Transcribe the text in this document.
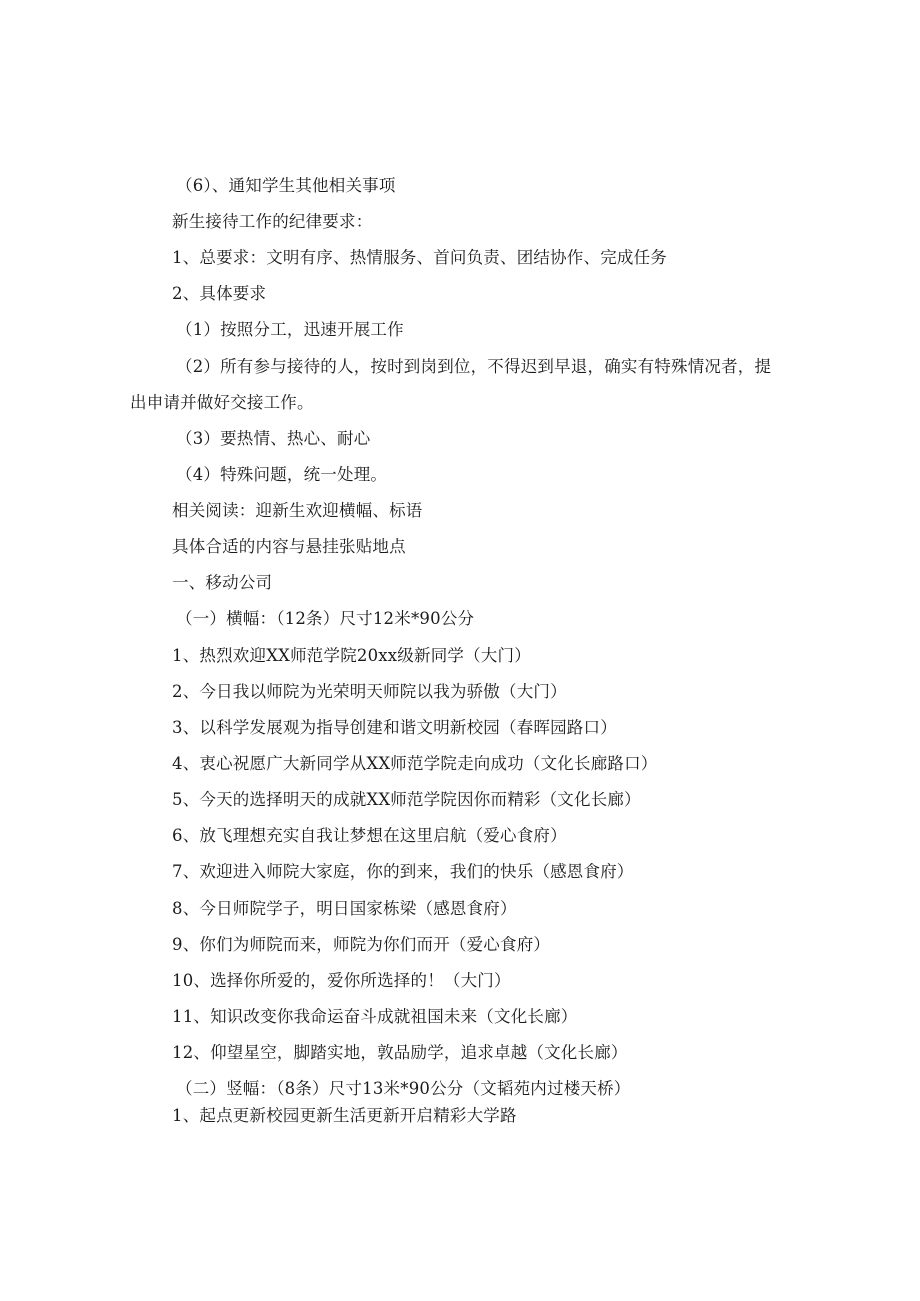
（6）、通知学生其他相关事项

新生接待工作的纪律要求：

1、总要求：文明有序、热情服务、首问负责、团结协作、完成任务

2、具体要求

（1）按照分工，迅速开展工作

（2）所有参与接待的人，按时到岗到位，不得迟到早退，确实有特殊情况者，提

出申请并做好交接工作。

（3）要热情、热心、耐心

（4）特殊问题，统一处理。

相关阅读：迎新生欢迎横幅、标语

具体合适的内容与悬挂张贴地点

一、移动公司

（一）横幅：（12条）尺寸12米*90公分

1、热烈欢迎XX师范学院20xx级新同学（大门）

2、今日我以师院为光荣明天师院以我为骄傲（大门）

3、以科学发展观为指导创建和谐文明新校园（春晖园路口）

4、衷心祝愿广大新同学从XX师范学院走向成功（文化长廊路口）

5、今天的选择明天的成就XX师范学院因你而精彩（文化长廊）

6、放飞理想充实自我让梦想在这里启航（爱心食府）

7、欢迎进入师院大家庭，你的到来，我们的快乐（感恩食府）

8、今日师院学子，明日国家栋梁（感恩食府）

9、你们为师院而来，师院为你们而开（爱心食府）

10、选择你所爱的，爱你所选择的！（大门）

11、知识改变你我命运奋斗成就祖国未来（文化长廊）

12、仰望星空，脚踏实地，敦品励学，追求卓越（文化长廊）

（二）竖幅：（8条）尺寸13米*90公分（文韬苑内过楼天桥）

1、起点更新校园更新生活更新开启精彩大学路
